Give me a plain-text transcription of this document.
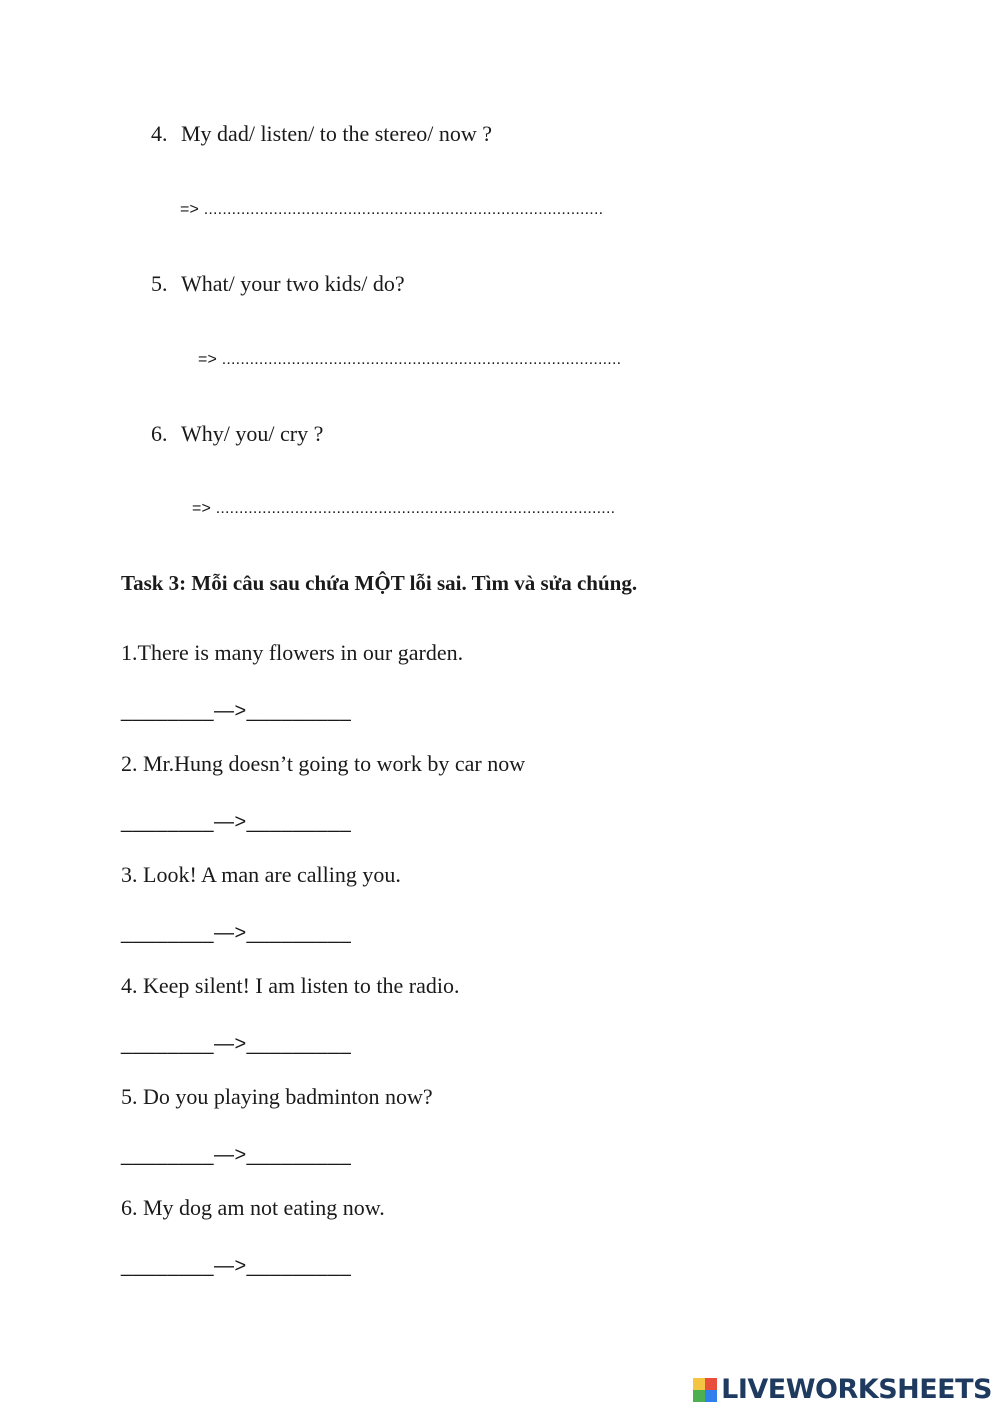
4. My dad/ listen/ to the stereo/ now ?
=> ......................................................................................
5. What/ your two kids/ do?
=> ......................................................................................
6. Why/ you/ cry ?
=> ......................................................................................
Task 3: Mỗi câu sau chứa MỘT lỗi sai. Tìm và sửa chúng.
1.There is many flowers in our garden.
________—>_________
2. Mr.Hung doesn’t going to work by car now
________—>_________
3. Look! A man are calling you.
________—>_________
4. Keep silent! I am listen to the radio.
________—>_________
5. Do you playing badminton now?
________—>_________
6. My dog am not eating now.
________—>_________
LIVEWORKSHEETS
